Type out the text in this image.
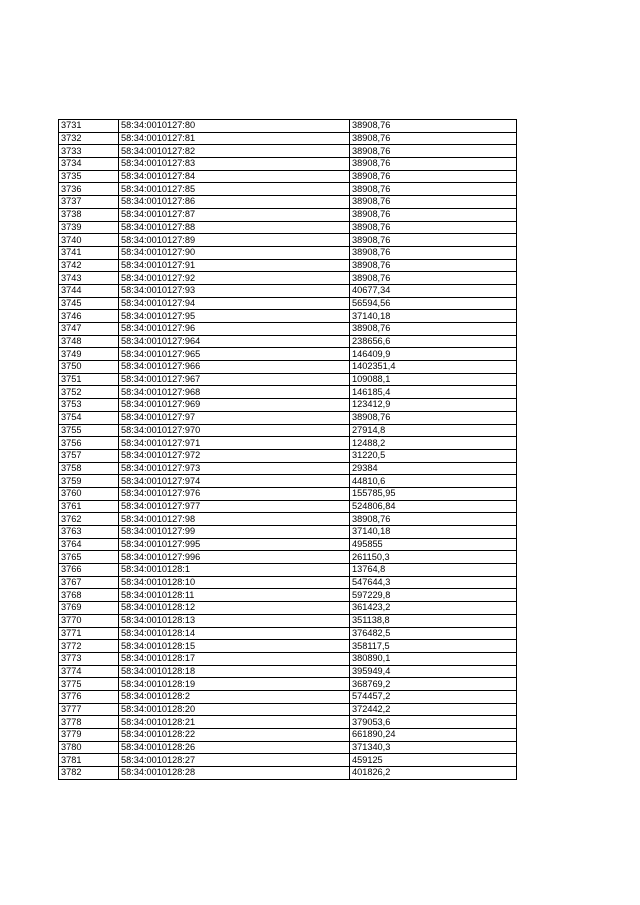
3731	58:34:0010127:80	38908,76
3732	58:34:0010127:81	38908,76
3733	58:34:0010127:82	38908,76
3734	58:34:0010127:83	38908,76
3735	58:34:0010127:84	38908,76
3736	58:34:0010127:85	38908,76
3737	58:34:0010127:86	38908,76
3738	58:34:0010127:87	38908,76
3739	58:34:0010127:88	38908,76
3740	58:34:0010127:89	38908,76
3741	58:34:0010127:90	38908,76
3742	58:34:0010127:91	38908,76
3743	58:34:0010127:92	38908,76
3744	58:34:0010127:93	40677,34
3745	58:34:0010127:94	56594,56
3746	58:34:0010127:95	37140,18
3747	58:34:0010127:96	38908,76
3748	58:34:0010127:964	238656,6
3749	58:34:0010127:965	146409,9
3750	58:34:0010127:966	1402351,4
3751	58:34:0010127:967	109088,1
3752	58:34:0010127:968	146185,4
3753	58:34:0010127:969	123412,9
3754	58:34:0010127:97	38908,76
3755	58:34:0010127:970	27914,8
3756	58:34:0010127:971	12488,2
3757	58:34:0010127:972	31220,5
3758	58:34:0010127:973	29384
3759	58:34:0010127:974	44810,6
3760	58:34:0010127:976	155785,95
3761	58:34:0010127:977	524806,84
3762	58:34:0010127:98	38908,76
3763	58:34:0010127:99	37140,18
3764	58:34:0010127:995	495855
3765	58:34:0010127:996	261150,3
3766	58:34:0010128:1	13764,8
3767	58:34:0010128:10	547644,3
3768	58:34:0010128:11	597229,8
3769	58:34:0010128:12	361423,2
3770	58:34:0010128:13	351138,8
3771	58:34:0010128:14	376482,5
3772	58:34:0010128:15	358117,5
3773	58:34:0010128:17	380890,1
3774	58:34:0010128:18	395949,4
3775	58:34:0010128:19	368769,2
3776	58:34:0010128:2	574457,2
3777	58:34:0010128:20	372442,2
3778	58:34:0010128:21	379053,6
3779	58:34:0010128:22	661890,24
3780	58:34:0010128:26	371340,3
3781	58:34:0010128:27	459125
3782	58:34:0010128:28	401826,2
